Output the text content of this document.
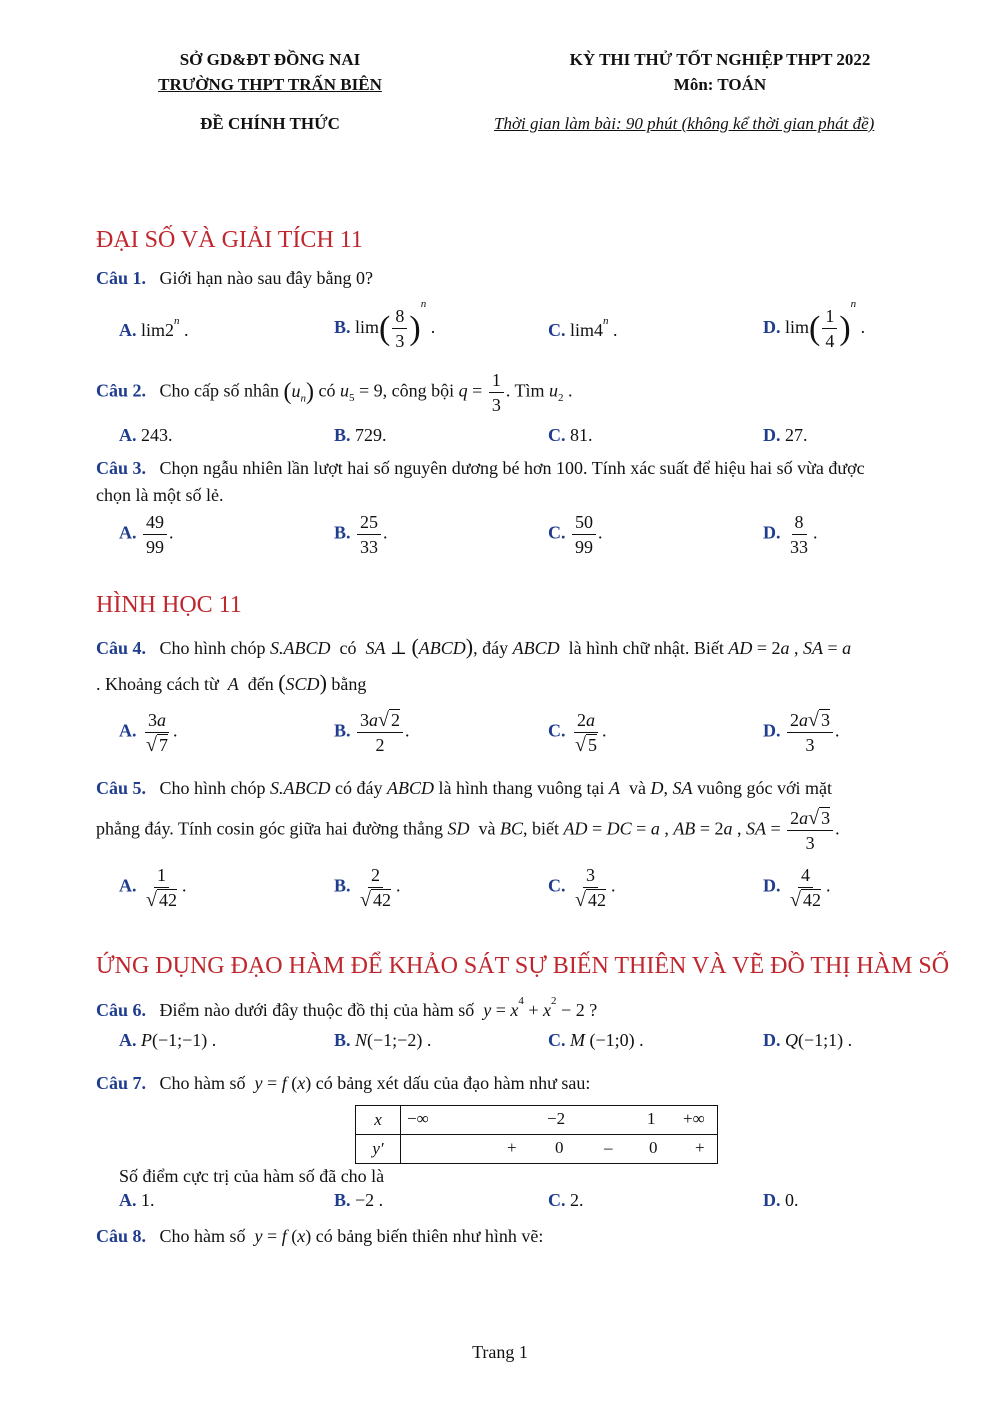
SỞ GD&ĐT ĐỒNG NAI
TRƯỜNG THPT TRẤN BIÊN
ĐỀ CHÍNH THỨC
KỲ THI THỬ TỐT NGHIỆP THPT 2022
Môn: TOÁN
Thời gian làm bài: 90 phút (không kể thời gian phát đề)
ĐẠI SỐ VÀ GIẢI TÍCH 11
Câu 1. Giới hạn nào sau đây bằng 0?
A. lim2$^n$ .	B. $\lim( \frac{8}{3} )^n$ .	C. lim4$^n$ .	D. $\lim( \frac{1}{4} )^n$ .
Câu 2. Cho cấp số nhân $(u_n)$ có $u_5 = 9$, công bội $q = \frac{1}{3}$ . Tìm $u_2$ .
A. 243.	B. 729.	C. 81.	D. 27.
Câu 3. Chọn ngẫu nhiên lần lượt hai số nguyên dương bé hơn 100. Tính xác suất để hiệu hai số vừa được
chọn là một số lẻ.
A. $\frac{49}{99}$ .	B. $\frac{25}{33}$ .	C. $\frac{50}{99}$ .	D. $\frac{8}{33}$ .
HÌNH HỌC 11
Câu 4. Cho hình chóp S.ABCD có SA ⊥ (ABCD), đáy ABCD là hình chữ nhật. Biết AD = 2a , SA = a
. Khoảng cách từ A đến (SCD) bằng
A. $\frac{3a}{√ 7}$ .	B. $\frac{3a√ 2}{2}$ .	C. $\frac{2a}{√ 5}$ .	D. $\frac{2a√ 3}{3}$ .
Câu 5. Cho hình chóp S.ABCD có đáy ABCD là hình thang vuông tại A và D, SA vuông góc với mặt
phẳng đáy. Tính cosin góc giữa hai đường thẳng SD và BC, biết AD = DC = a , AB = 2a , SA = $\frac{2a√ 3}{3}$ .
A. $\frac{1}{√ 42}$ .	B. $\frac{2}{√ 42}$ .	C. $\frac{3}{√ 42}$ .	D. $\frac{4}{√ 42}$ .
ỨNG DỤNG ĐẠO HÀM ĐỂ KHẢO SÁT SỰ BIẾN THIÊN VÀ VẼ ĐỒ THỊ HÀM SỐ
Câu 6. Điểm nào dưới đây thuộc đồ thị của hàm số $y = x^4 + x^2 - 2$ ?
A. P(−1;−1) .	B. N(−1;−2) .	C. M (−1;0) .	D. Q(−1;1) .
Câu 7. Cho hàm số y = f (x) có bảng xét dấu của đạo hàm như sau:
x	−∞ −2 1 +∞

y′	+ 0 – 0 +
Số điểm cực trị của hàm số đã cho là
A. 1.	B. −2 .	C. 2.	D. 0.
Câu 8. Cho hàm số y = f (x) có bảng biến thiên như hình vẽ:
Trang 1
